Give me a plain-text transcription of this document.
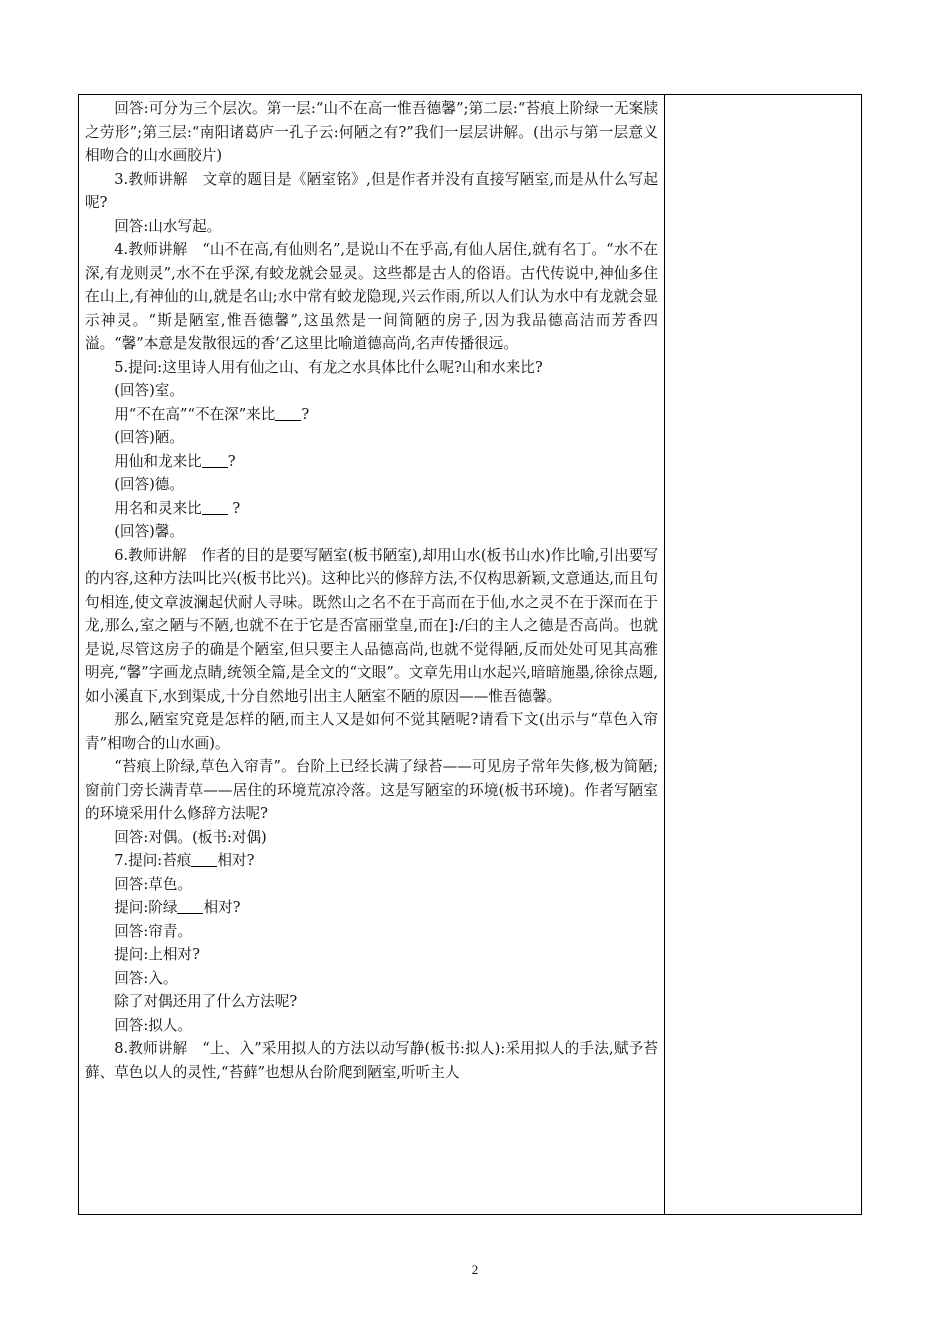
回答:可分为三个层次。第一层:“山不在高一惟吾德馨”;第二层:“苔痕上阶绿一无案牍之劳形”;第三层:“南阳诸葛庐一孔子云:何陋之有?”我们一层层讲解。(出示与第一层意义相吻合的山水画胶片)

3.教师讲解　文章的题目是《陋室铭》,但是作者并没有直接写陋室,而是从什么写起呢?

回答:山水写起。

4.教师讲解　“山不在高,有仙则名”,是说山不在乎高,有仙人居住,就有名丁。“水不在深,有龙则灵”,水不在乎深,有蛟龙就会显灵。这些都是古人的俗语。古代传说中,神仙多住在山上,有神仙的山,就是名山;水中常有蛟龙隐现,兴云作雨,所以人们认为水中有龙就会显示神灵。“斯是陋室,惟吾德馨”,这虽然是一间简陋的房子,因为我品德高洁而芳香四溢。“馨”本意是发散很远的香‘乙这里比喻道德高尚,名声传播很远。

5.提问:这里诗人用有仙之山、有龙之水具体比什么呢?山和水来比?

(回答)室。

用“不在高”“不在深”来比 ?

(回答)陋。

用仙和龙来比 ?

(回答)德。

用名和灵来比 ?

(回答)馨。

6.教师讲解　作者的目的是要写陋室(板书陋室),却用山水(板书山水)作比喻,引出要写的内容,这种方法叫比兴(板书比兴)。这种比兴的修辞方法,不仅构思新颖,文意通达,而且句句相连,使文章波澜起伏耐人寻味。既然山之名不在于高而在于仙,水之灵不在于深而在于龙,那么,室之陋与不陋,也就不在于它是否富丽堂皇,而在]:/臼的主人之德是否高尚。也就是说,尽管这房子的确是个陋室,但只要主人品德高尚,也就不觉得陋,反而处处可见其高雅明亮,“馨”字画龙点睛,统领全篇,是全文的“文眼”。文章先用山水起兴,暗暗施墨,徐徐点题,如小溪直下,水到渠成,十分自然地引出主人陋室不陋的原因——惟吾德馨。

那么,陋室究竟是怎样的陋,而主人又是如何不觉其陋呢?请看下文(出示与“草色入帘青”相吻合的山水画)。

“苔痕上阶绿,草色入帘青”。台阶上已经长满了绿苔——可见房子常年失修,极为简陋;窗前门旁长满青草——居住的环境荒凉冷落。这是写陋室的环境(板书环境)。作者写陋室的环境采用什么修辞方法呢?

回答:对偶。(板书:对偶)

7.提问:苔痕 相对?

回答:草色。

提问:阶绿 相对?

回答:帘青。

提问:上相对?

回答:入。

除了对偶还用了什么方法呢?

回答:拟人。

8.教师讲解　“上、入”采用拟人的方法以动写静(板书:拟人):采用拟人的手法,赋予苔藓、草色以人的灵性,“苔藓”也想从台阶爬到陋室,听听主人

2
